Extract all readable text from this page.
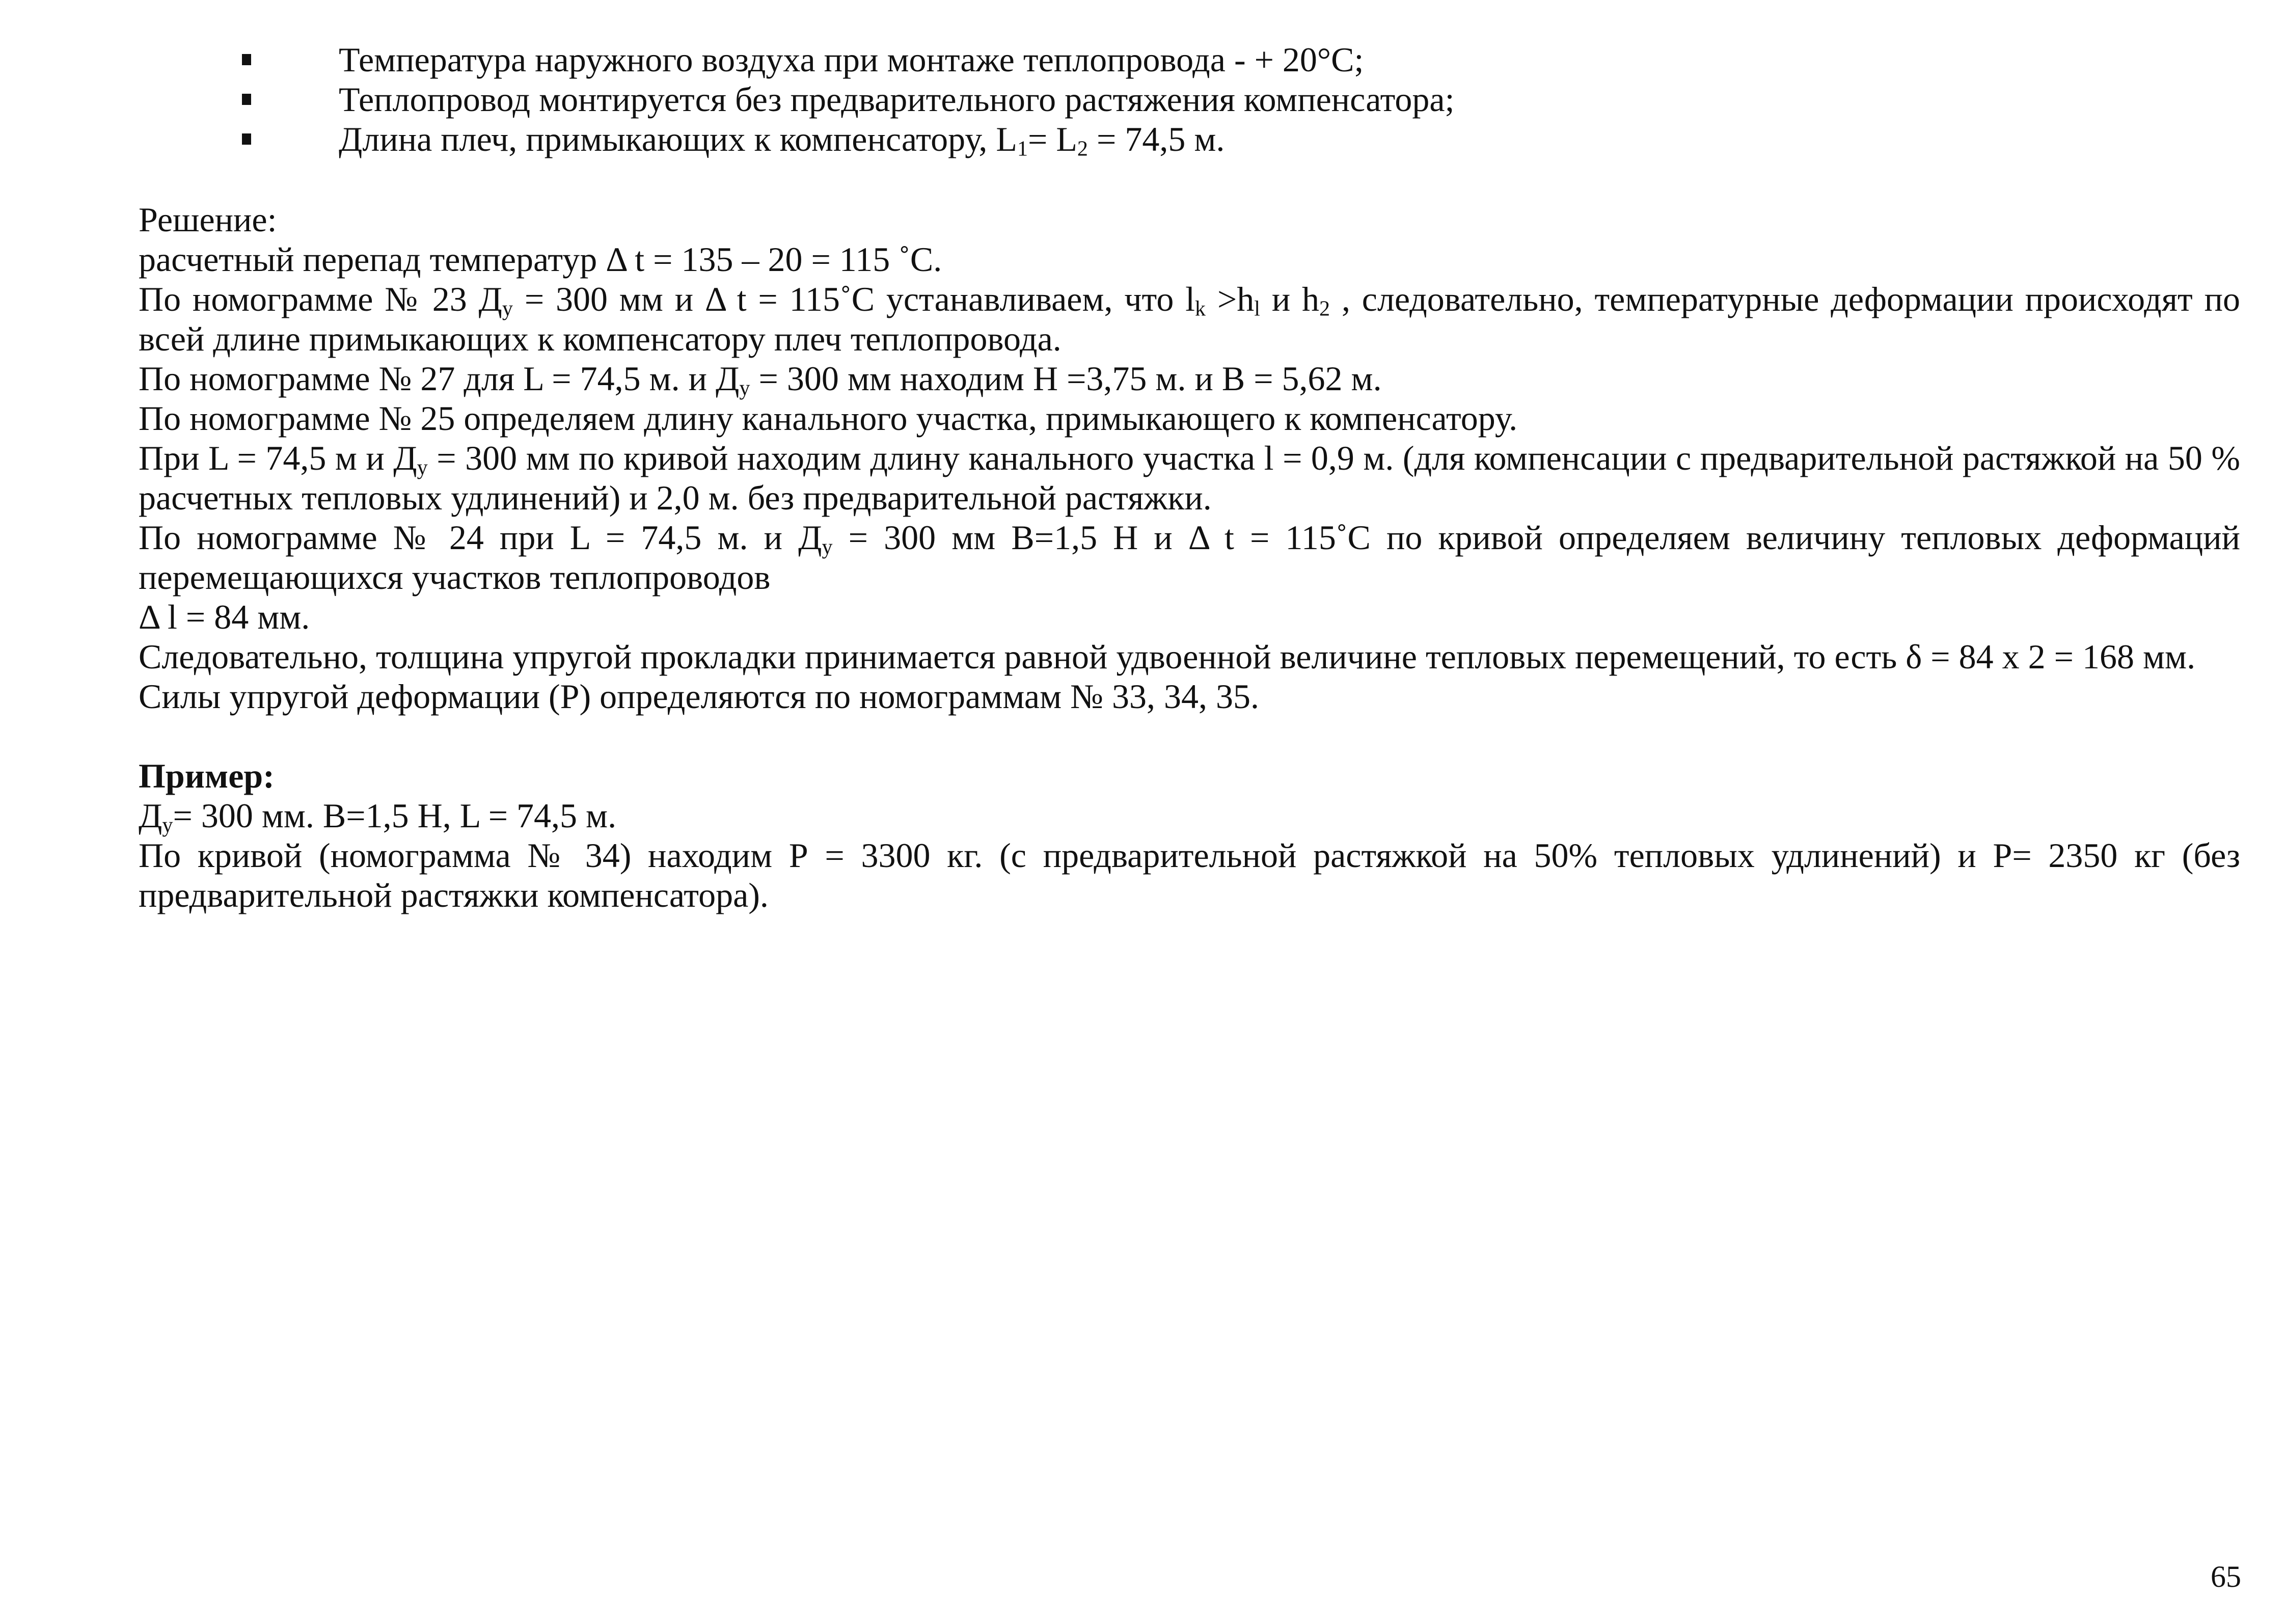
Температура наружного воздуха при монтаже теплопровода - + 20°С;
Теплопровод монтируется без предварительного растяжения компенсатора;
Длина плеч, примыкающих к компенсатору, $L_1= L_2 = 74,5$ м.

Решение:

расчетный перепад температур Δ t = 135 – 20 = 115 ˚С.

По номограмме № 23 $Д_у = 300$ мм и Δ t = 115˚С устанавливаем, что $l_k >h_l$ и $h_2$ , следовательно, температурные деформации происходят по всей длине примыкающих к компенсатору плеч теплопровода.

По номограмме № 27 для L = 74,5 м. и $Д_у = 300$ мм находим Н =3,75 м. и В = 5,62 м.

По номограмме № 25 определяем длину канального участка, примыкающего к компенсатору.

При L = 74,5 м и $Д_у = 300$ мм по кривой находим длину канального участка l = 0,9 м. (для компенсации с предварительной растяжкой на 50 % расчетных тепловых удлинений) и 2,0 м. без предварительной растяжки.

По номограмме № 24 при L = 74,5 м. и $Д_у = 300$ мм В=1,5 Н и Δ t = 115˚С по кривой определяем величину тепловых деформаций перемещающихся участков теплопроводов

Δ l = 84 мм.

Следовательно, толщина упругой прокладки принимается равной удвоенной величине тепловых перемещений, то есть δ = 84 х 2 = 168 мм.

Силы упругой деформации (Р) определяются по номограммам № 33, 34, 35.

Пример:

$Д_у= 300$ мм. В=1,5 Н, L = 74,5 м.

По кривой (номограмма № 34) находим Р = 3300 кг. (с предварительной растяжкой на 50% тепловых удлинений) и Р= 2350 кг (без предварительной растяжки компенсатора).

65
